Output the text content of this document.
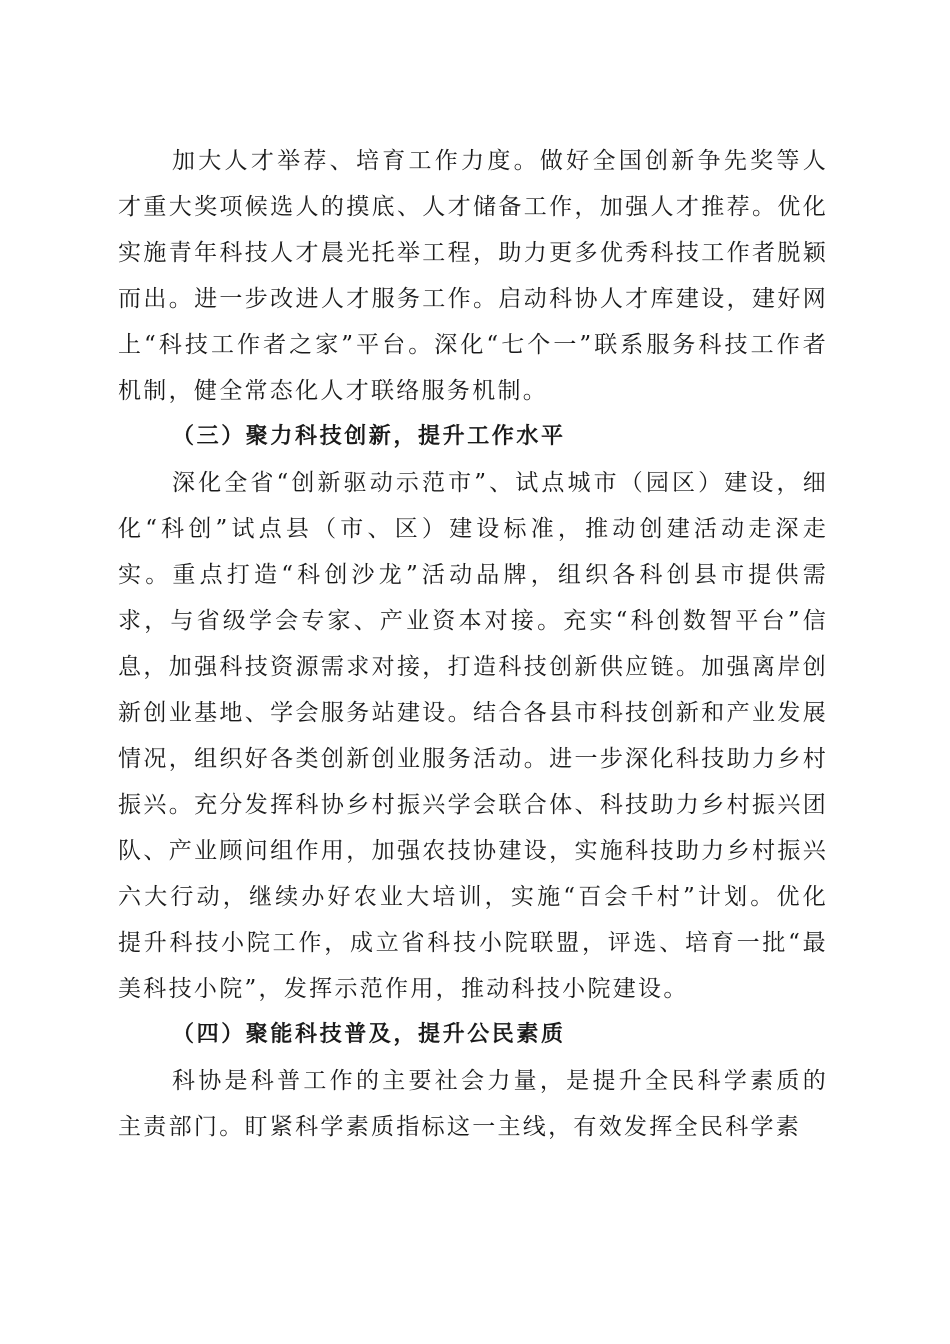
加大人才举荐、培育工作力度。做好全国创新争先奖等人才重大奖项候选人的摸底、人才储备工作，加强人才推荐。优化实施青年科技人才晨光托举工程，助力更多优秀科技工作者脱颖而出。进一步改进人才服务工作。启动科协人才库建设，建好网上“科技工作者之家”平台。深化“七个一”联系服务科技工作者机制，健全常态化人才联络服务机制。

（三）聚力科技创新，提升工作水平

深化全省“创新驱动示范市”、试点城市（园区）建设，细化“科创”试点县（市、区）建设标准，推动创建活动走深走实。重点打造“科创沙龙”活动品牌，组织各科创县市提供需求，与省级学会专家、产业资本对接。充实“科创数智平台”信息，加强科技资源需求对接，打造科技创新供应链。加强离岸创新创业基地、学会服务站建设。结合各县市科技创新和产业发展情况，组织好各类创新创业服务活动。进一步深化科技助力乡村振兴。充分发挥科协乡村振兴学会联合体、科技助力乡村振兴团队、产业顾问组作用，加强农技协建设，实施科技助力乡村振兴六大行动，继续办好农业大培训，实施“百会千村”计划。优化提升科技小院工作，成立省科技小院联盟，评选、培育一批“最美科技小院”，发挥示范作用，推动科技小院建设。

（四）聚能科技普及，提升公民素质

科协是科普工作的主要社会力量，是提升全民科学素质的主责部门。盯紧科学素质指标这一主线，有效发挥全民科学素
